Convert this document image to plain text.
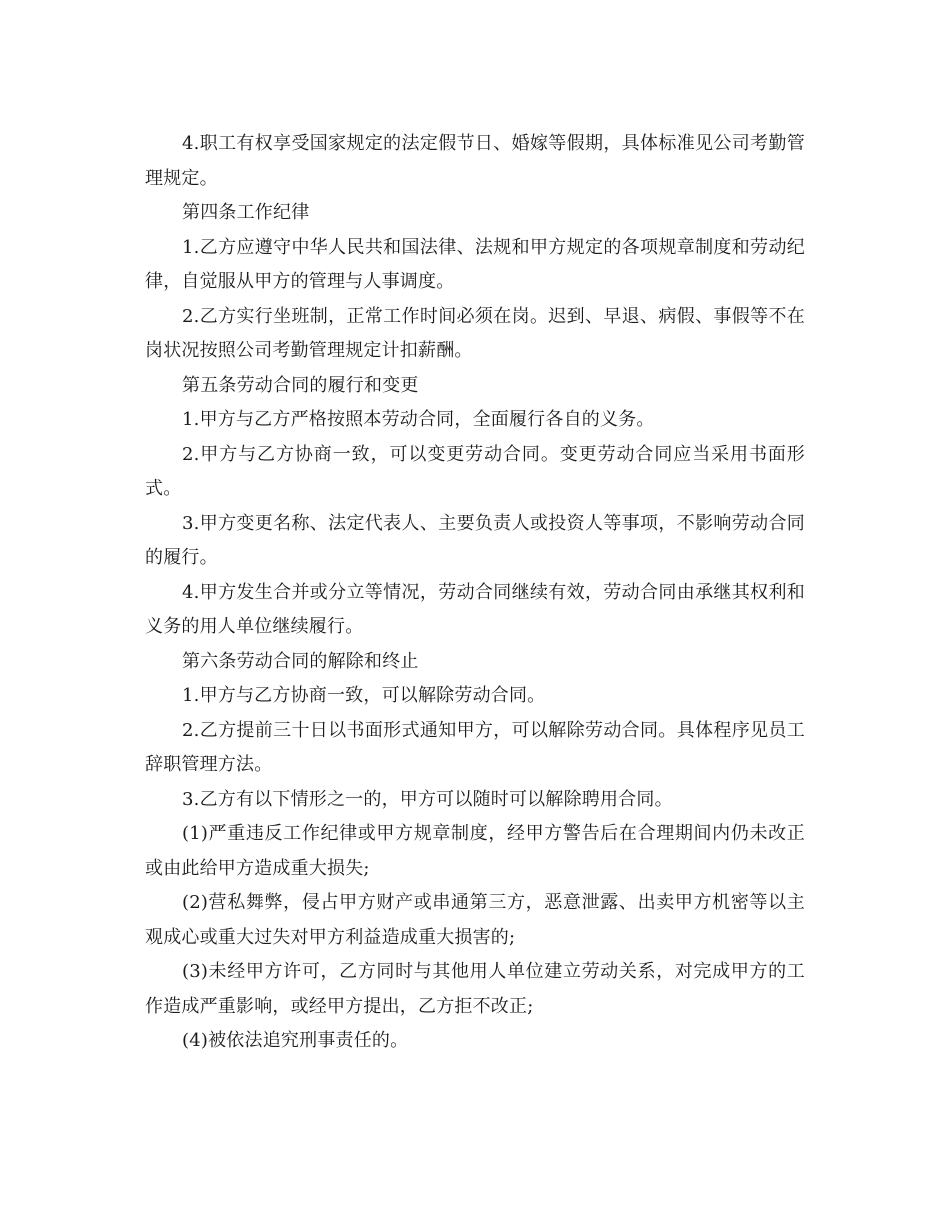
4.职工有权享受国家规定的法定假节日、婚嫁等假期，具体标准见公司考勤管理规定。

第四条工作纪律

1.乙方应遵守中华人民共和国法律、法规和甲方规定的各项规章制度和劳动纪律，自觉服从甲方的管理与人事调度。

2.乙方实行坐班制，正常工作时间必须在岗。迟到、早退、病假、事假等不在岗状况按照公司考勤管理规定计扣薪酬。

第五条劳动合同的履行和变更

1.甲方与乙方严格按照本劳动合同，全面履行各自的义务。

2.甲方与乙方协商一致，可以变更劳动合同。变更劳动合同应当采用书面形式。

3.甲方变更名称、法定代表人、主要负责人或投资人等事项，不影响劳动合同的履行。

4.甲方发生合并或分立等情况，劳动合同继续有效，劳动合同由承继其权利和义务的用人单位继续履行。

第六条劳动合同的解除和终止

1.甲方与乙方协商一致，可以解除劳动合同。

2.乙方提前三十日以书面形式通知甲方，可以解除劳动合同。具体程序见员工辞职管理方法。

3.乙方有以下情形之一的，甲方可以随时可以解除聘用合同。

(1)严重违反工作纪律或甲方规章制度，经甲方警告后在合理期间内仍未改正或由此给甲方造成重大损失;

(2)营私舞弊，侵占甲方财产或串通第三方，恶意泄露、出卖甲方机密等以主观成心或重大过失对甲方利益造成重大损害的;

(3)未经甲方许可，乙方同时与其他用人单位建立劳动关系，对完成甲方的工作造成严重影响，或经甲方提出，乙方拒不改正;

(4)被依法追究刑事责任的。
